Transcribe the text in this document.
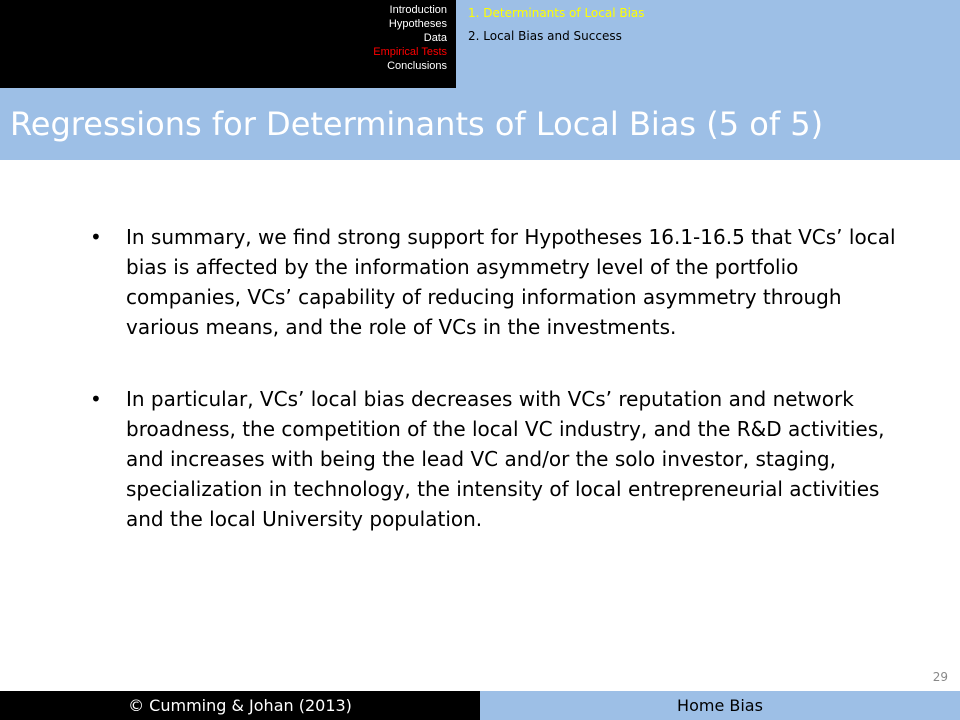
Introduction
Hypotheses
Data
Empirical Tests
Conclusions
1. Determinants of Local Bias
2. Local Bias and Success
Regressions for Determinants of Local Bias (5 of 5)
• In summary, we find strong support for Hypotheses 16.1-16.5 that VCs’ local bias is affected by the information asymmetry level of the portfolio companies, VCs’ capability of reducing information asymmetry through various means, and the role of VCs in the investments.
• In particular, VCs’ local bias decreases with VCs’ reputation and network broadness, the competition of the local VC industry, and the R&D activities, and increases with being the lead VC and/or the solo investor, staging, specialization in technology, the intensity of local entrepreneurial activities and the local University population.
29
© Cumming & Johan (2013)	Home Bias
